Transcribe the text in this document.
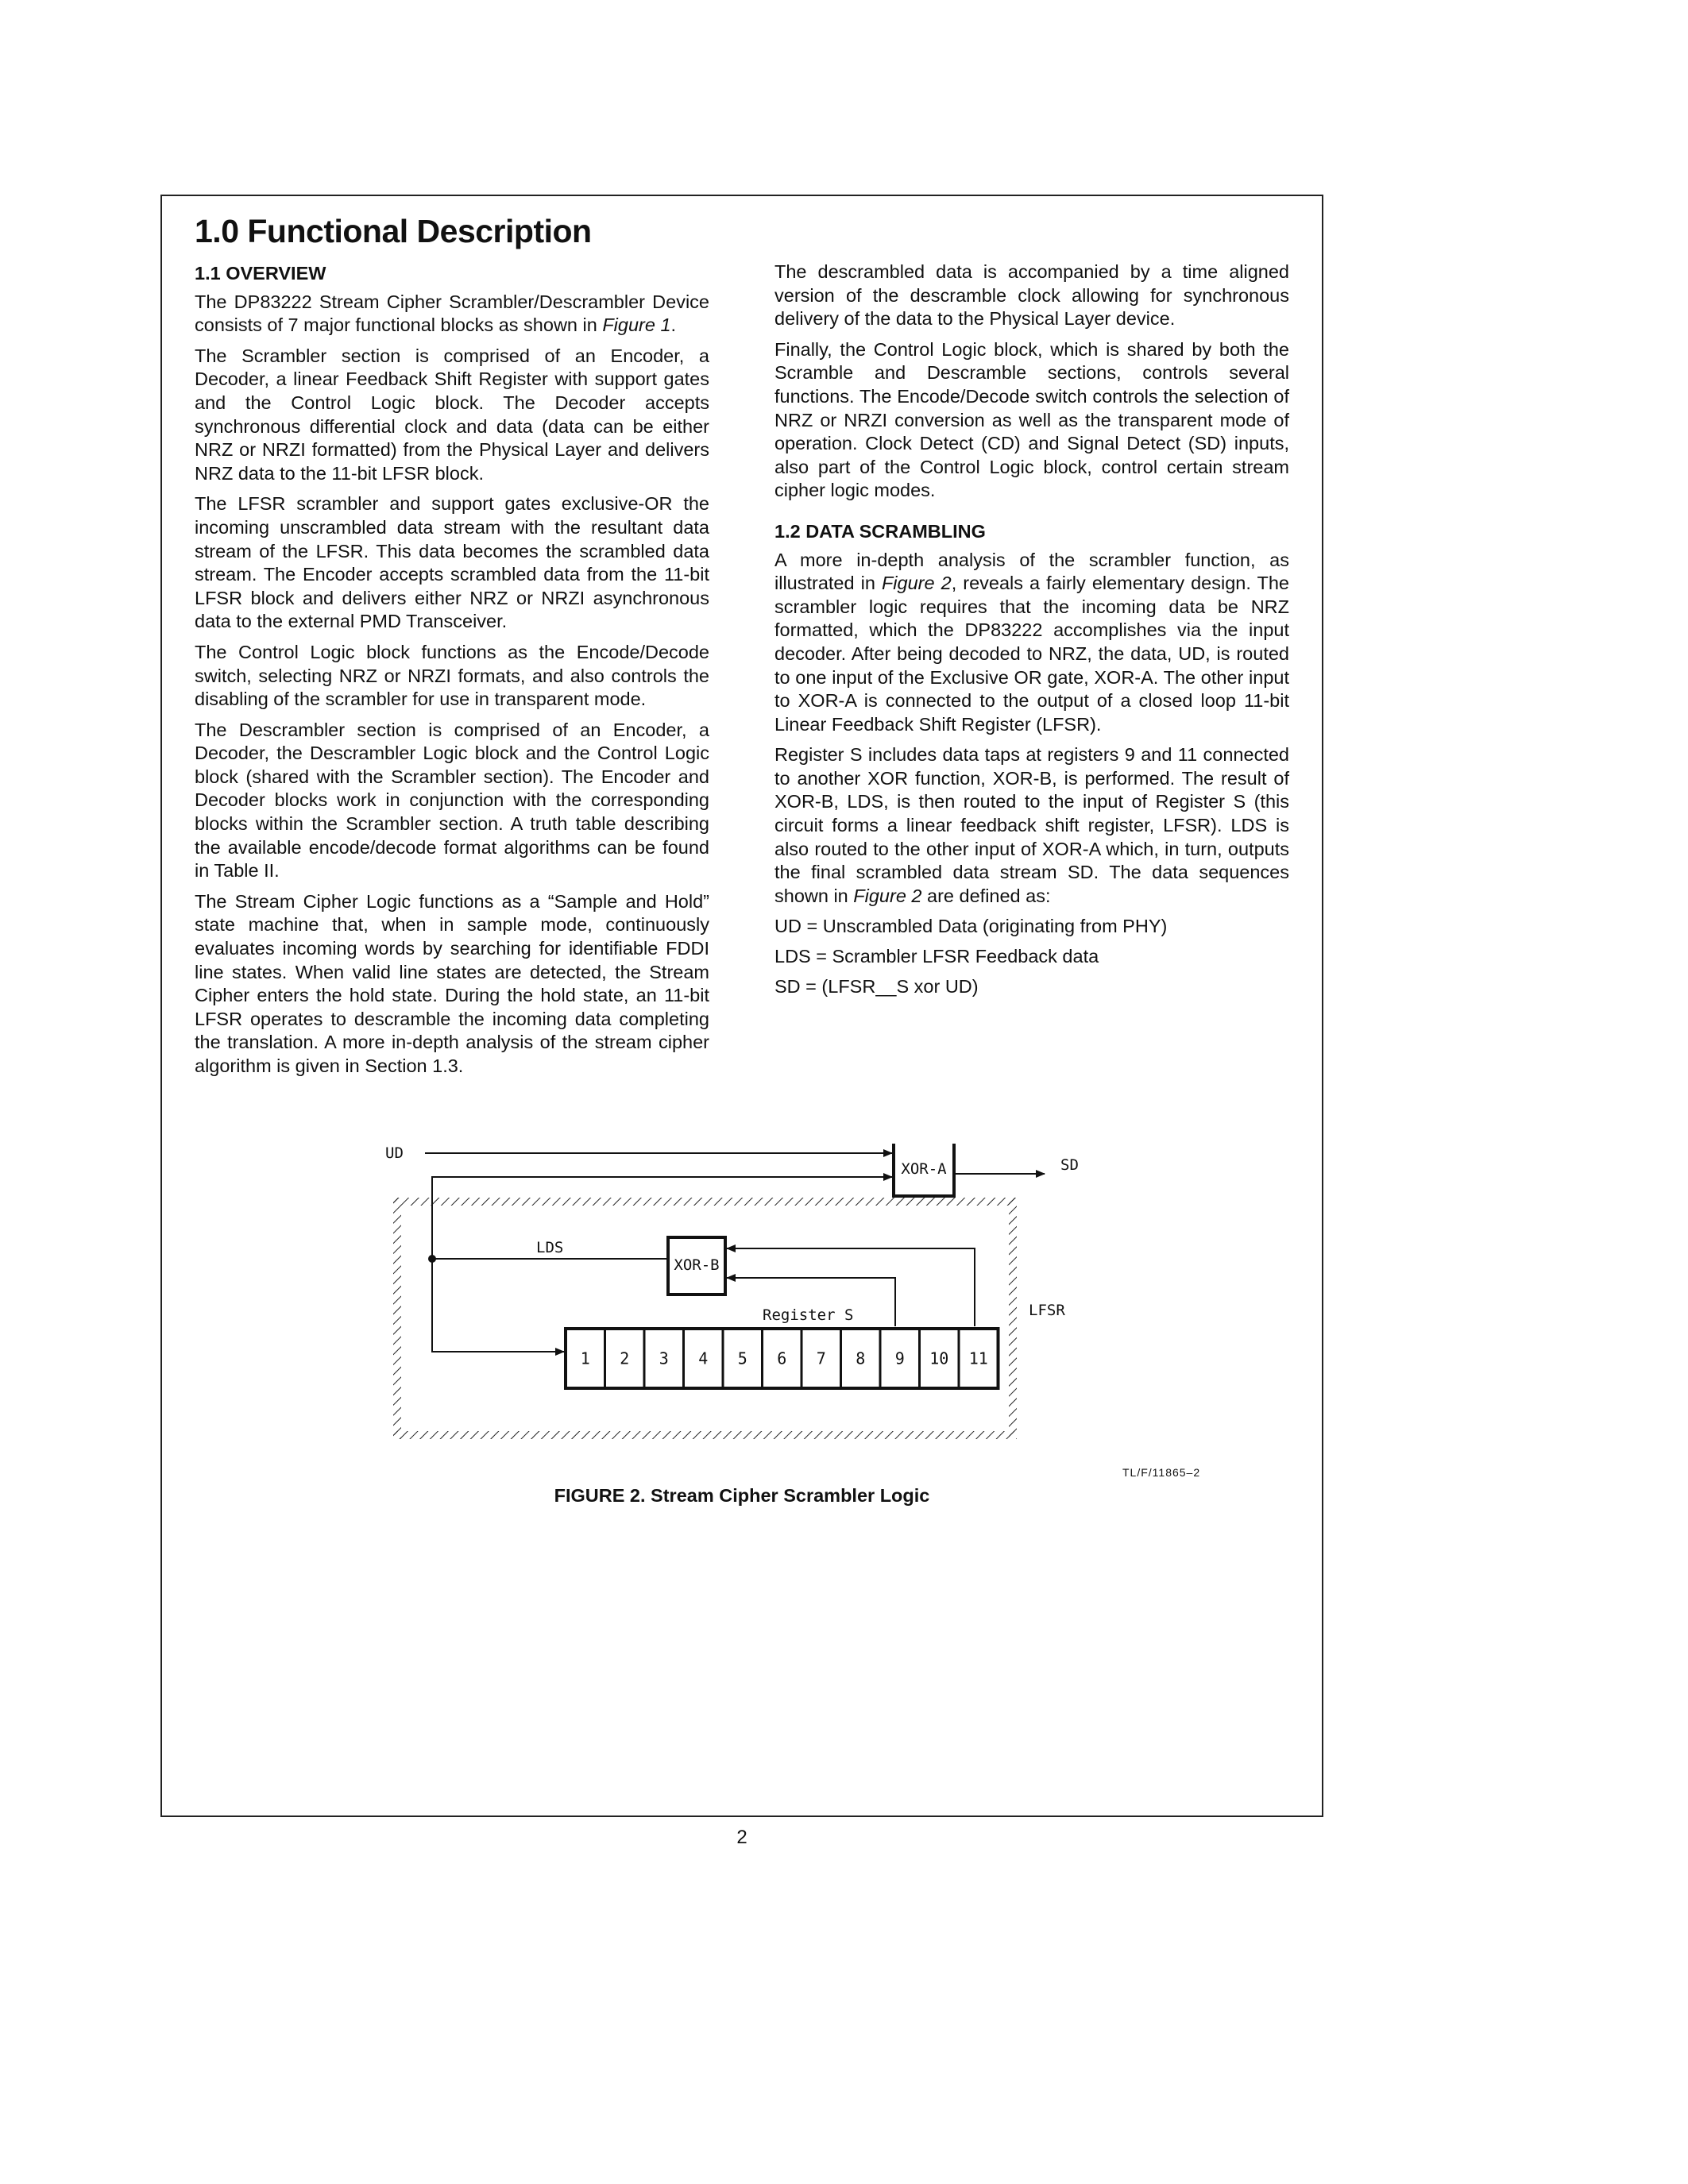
1.0 Functional Description
1.1 OVERVIEW

The DP83222 Stream Cipher Scrambler/Descrambler Device consists of 7 major functional blocks as shown in Figure 1.

The Scrambler section is comprised of an Encoder, a Decoder, a linear Feedback Shift Register with support gates and the Control Logic block. The Decoder accepts synchronous differential clock and data (data can be either NRZ or NRZI formatted) from the Physical Layer and delivers NRZ data to the 11-bit LFSR block.

The LFSR scrambler and support gates exclusive-OR the incoming unscrambled data stream with the resultant data stream of the LFSR. This data becomes the scrambled data stream. The Encoder accepts scrambled data from the 11-bit LFSR block and delivers either NRZ or NRZI asynchronous data to the external PMD Transceiver.

The Control Logic block functions as the Encode/Decode switch, selecting NRZ or NRZI formats, and also controls the disabling of the scrambler for use in transparent mode.

The Descrambler section is comprised of an Encoder, a Decoder, the Descrambler Logic block and the Control Logic block (shared with the Scrambler section). The Encoder and Decoder blocks work in conjunction with the corresponding blocks within the Scrambler section. A truth table describing the available encode/decode format algorithms can be found in Table II.

The Stream Cipher Logic functions as a “Sample and Hold” state machine that, when in sample mode, continuously evaluates incoming words by searching for identifiable FDDI line states. When valid line states are detected, the Stream Cipher enters the hold state. During the hold state, an 11-bit LFSR operates to descramble the incoming data completing the translation. A more in-depth analysis of the stream cipher algorithm is given in Section 1.3.

The descrambled data is accompanied by a time aligned version of the descramble clock allowing for synchronous delivery of the data to the Physical Layer device.

Finally, the Control Logic block, which is shared by both the Scramble and Descramble sections, controls several functions. The Encode/Decode switch controls the selection of NRZ or NRZI conversion as well as the transparent mode of operation. Clock Detect (CD) and Signal Detect (SD) inputs, also part of the Control Logic block, control certain stream cipher logic modes.

1.2 DATA SCRAMBLING

A more in-depth analysis of the scrambler function, as illustrated in Figure 2, reveals a fairly elementary design. The scrambler logic requires that the incoming data be NRZ formatted, which the DP83222 accomplishes via the input decoder. After being decoded to NRZ, the data, UD, is routed to one input of the Exclusive OR gate, XOR-A. The other input to XOR-A is connected to the output of a closed loop 11-bit Linear Feedback Shift Register (LFSR).

Register S includes data taps at registers 9 and 11 connected to another XOR function, XOR-B, is performed. The result of XOR-B, LDS, is then routed to the input of Register S (this circuit forms a linear feedback shift register, LFSR). LDS is also routed to the other input of XOR-A which, in turn, outputs the final scrambled data stream SD. The data sequences shown in Figure 2 are defined as:

UD = Unscrambled Data (originating from PHY)

LDS = Scrambler LFSR Feedback data

SD = (LFSR__S xor UD)

UD
XOR-A	SD
LDS
XOR-B
Register S
1 2 3 4 5 6 7 8 9 10 11
LFSR
TL/F/11865–2

FIGURE 2. Stream Cipher Scrambler Logic

2
